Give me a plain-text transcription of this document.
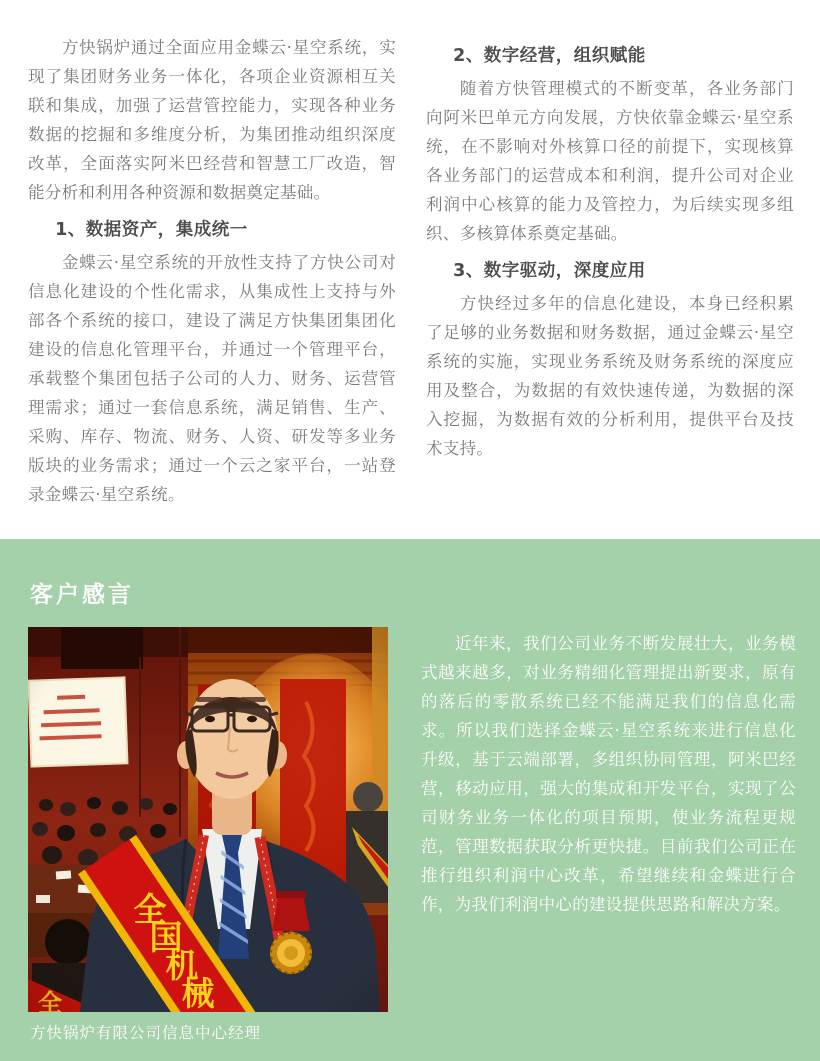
方快锅炉通过全面应用金蝶云·星空系统，实现了集团财务业务一体化，各项企业资源相互关联和集成，加强了运营管控能力，实现各种业务数据的挖掘和多维度分析，为集团推动组织深度改革，全面落实阿米巴经营和智慧工厂改造，智能分析和利用各种资源和数据奠定基础。

1、数据资产，集成统一

金蝶云·星空系统的开放性支持了方快公司对信息化建设的个性化需求，从集成性上支持与外部各个系统的接口，建设了满足方快集团集团化建设的信息化管理平台，并通过一个管理平台，承载整个集团包括子公司的人力、财务、运营管理需求；通过一套信息系统，满足销售、生产、采购、库存、物流、财务、人资、研发等多业务版块的业务需求；通过一个云之家平台，一站登录金蝶云·星空系统。

2、数字经营，组织赋能

随着方快管理模式的不断变革，各业务部门向阿米巴单元方向发展，方快依靠金蝶云·星空系统，在不影响对外核算口径的前提下，实现核算各业务部门的运营成本和利润，提升公司对企业利润中心核算的能力及管控力，为后续实现多组织、多核算体系奠定基础。

3、数字驱动，深度应用

方快经过多年的信息化建设，本身已经积累了足够的业务数据和财务数据，通过金蝶云·星空系统的实施，实现业务系统及财务系统的深度应用及整合，为数据的有效快速传递，为数据的深入挖掘，为数据有效的分析利用，提供平台及技术支持。

客户感言
方快锅炉有限公司信息中心经理

近年来，我们公司业务不断发展壮大，业务模式越来越多，对业务精细化管理提出新要求，原有的落后的零散系统已经不能满足我们的信息化需求。所以我们选择金蝶云·星空系统来进行信息化升级，基于云端部署，多组织协同管理，阿米巴经营，移动应用，强大的集成和开发平台，实现了公司财务业务一体化的项目预期，使业务流程更规范，管理数据获取分析更快捷。目前我们公司正在推行组织利润中心改革，希望继续和金蝶进行合作，为我们利润中心的建设提供思路和解决方案。
